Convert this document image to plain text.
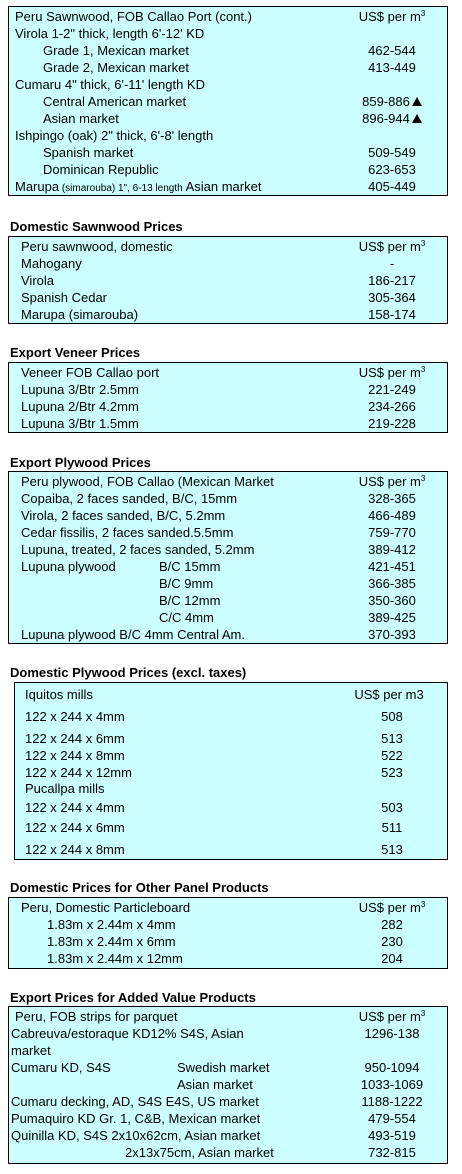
Peru Sawnwood, FOB Callao Port (cont.)	US$ per $m^3$
Virola 1-2" thick, length 6'-12' KD
Grade 1, Mexican market	462-544
Grade 2, Mexican market	413-449
Cumaru 4" thick, 6'-11' length KD
Central American market	859-886
Asian market	896-944
Ishpingo (oak) 2" thick, 6'-8' length
Spanish market	509-549
Dominican Republic	623-653
Marupa (simarouba) 1", 6-13 length Asian market	405-449
Domestic Sawnwood Prices
Peru sawnwood, domestic	US$ per $m^3$
Mahogany	-
Virola	186-217
Spanish Cedar	305-364
Marupa (simarouba)	158-174
Export Veneer Prices
Veneer FOB Callao port	US$ per $m^3$
Lupuna 3/Btr 2.5mm	221-249
Lupuna 2/Btr 4.2mm	234-266
Lupuna 3/Btr 1.5mm	219-228
Export Plywood Prices
Peru plywood, FOB Callao (Mexican Market	US$ per $m^3$
Copaiba, 2 faces sanded, B/C, 15mm	328-365
Virola, 2 faces sanded, B/C, 5.2mm	466-489
Cedar fissilis, 2 faces sanded.5.5mm	759-770
Lupuna, treated, 2 faces sanded, 5.2mm	389-412
Lupuna plywood	B/C 15mm	421-451
B/C 9mm	366-385
B/C 12mm	350-360
C/C 4mm	389-425
Lupuna plywood B/C 4mm Central Am.	370-393
Domestic Plywood Prices (excl. taxes)
Iquitos mills	US$ per m3
122 x 244 x 4mm	508
122 x 244 x 6mm	513
122 x 244 x 8mm	522
122 x 244 x 12mm	523
Pucallpa mills
122 x 244 x 4mm	503
122 x 244 x 6mm	511
122 x 244 x 8mm	513
Domestic Prices for Other Panel Products
Peru, Domestic Particleboard	US$ per $m^3$
1.83m x 2.44m x 4mm	282
1.83m x 2.44m x 6mm	230
1.83m x 2.44m x 12mm	204
Export Prices for Added Value Products
Peru, FOB strips for parquet	US$ per $m^3$
Cabreuva/estoraque KD12% S4S, Asian	1296-138
market
Cumaru KD, S4S	Swedish market	950-1094
Asian market	1033-1069
Cumaru decking, AD, S4S E4S, US market	1188-1222
Pumaquiro KD Gr. 1, C&B, Mexican market	479-554
Quinilla KD, S4S 2x10x62cm, Asian market	493-519
2x13x75cm, Asian market	732-815
